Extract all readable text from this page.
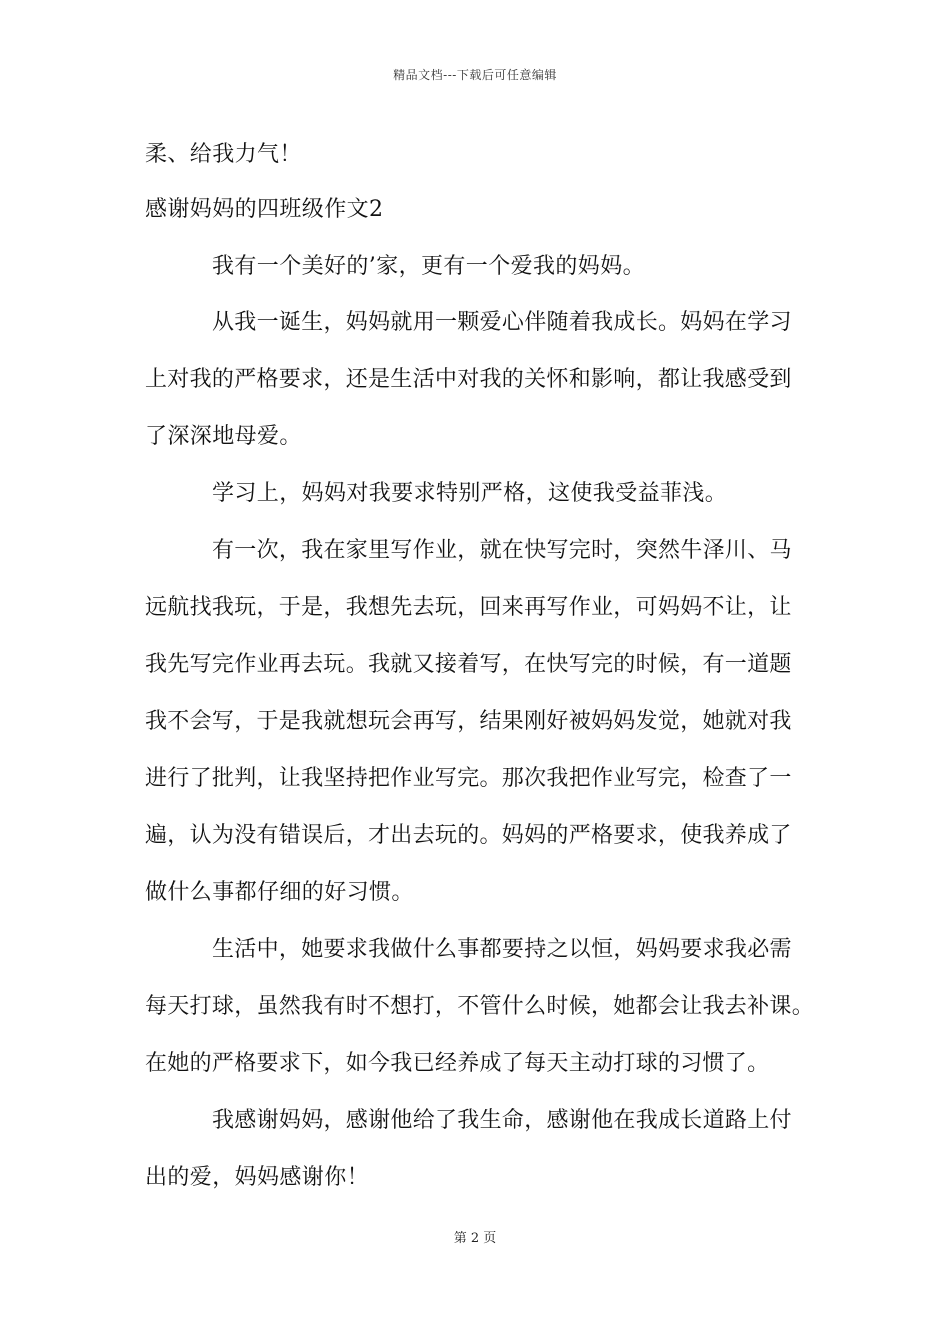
精品文档---下载后可任意编辑
柔、给我力气！
感谢妈妈的四班级作文2
我有一个美好的’家，更有一个爱我的妈妈。
从我一诞生，妈妈就用一颗爱心伴随着我成长。妈妈在学习
上对我的严格要求，还是生活中对我的关怀和影响，都让我感受到
了深深地母爱。
学习上，妈妈对我要求特别严格，这使我受益菲浅。
有一次，我在家里写作业，就在快写完时，突然牛泽川、马
远航找我玩，于是，我想先去玩，回来再写作业，可妈妈不让，让
我先写完作业再去玩。我就又接着写，在快写完的时候，有一道题
我不会写，于是我就想玩会再写，结果刚好被妈妈发觉，她就对我
进行了批判，让我坚持把作业写完。那次我把作业写完，检查了一
遍，认为没有错误后，才出去玩的。妈妈的严格要求，使我养成了
做什么事都仔细的好习惯。
生活中，她要求我做什么事都要持之以恒，妈妈要求我必需
每天打球，虽然我有时不想打，不管什么时候，她都会让我去补课。
在她的严格要求下，如今我已经养成了每天主动打球的习惯了。
我感谢妈妈，感谢他给了我生命，感谢他在我成长道路上付
出的爱，妈妈感谢你！
第 2 页
